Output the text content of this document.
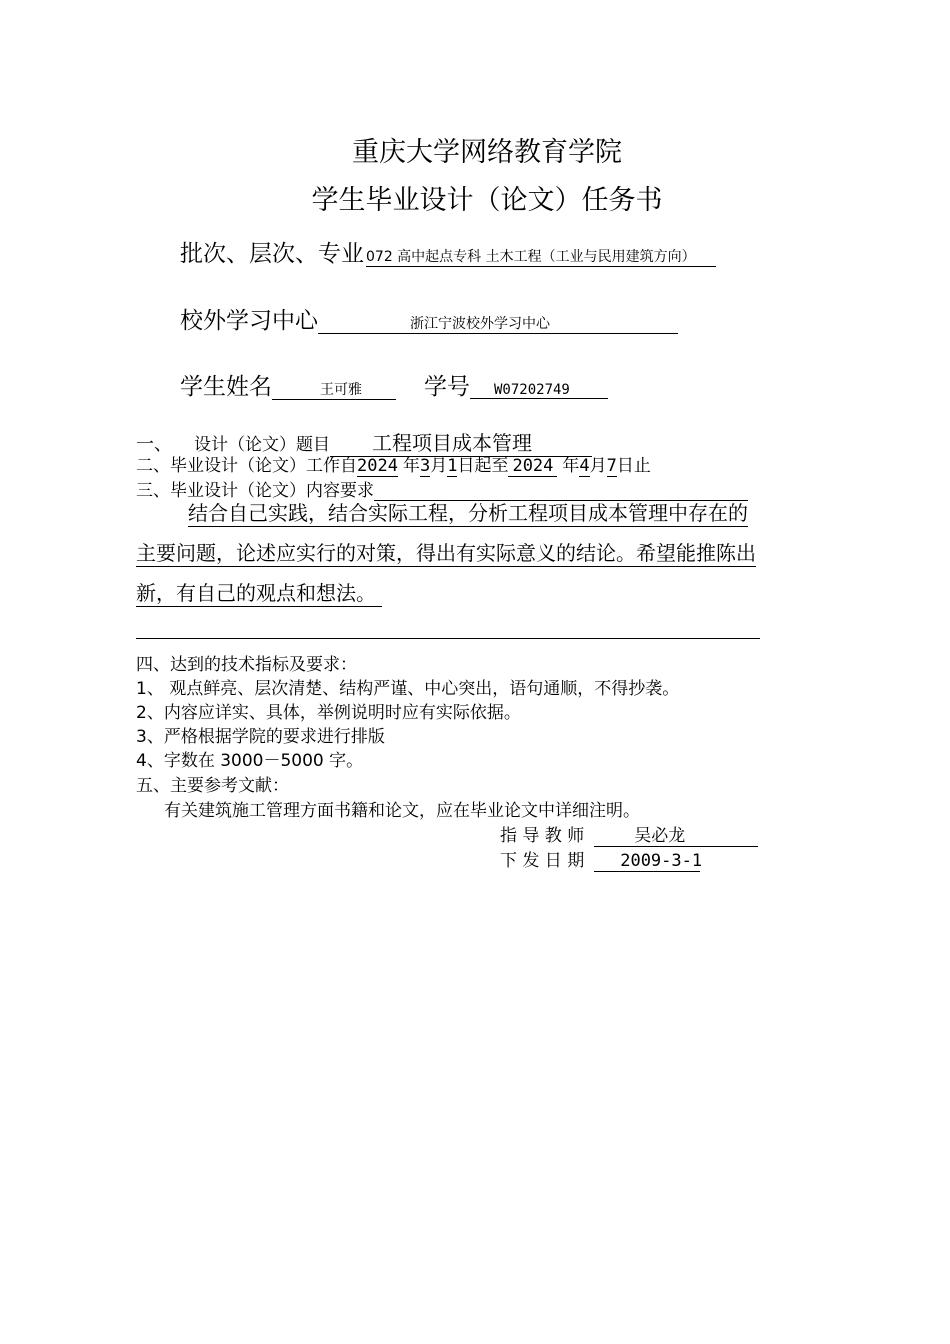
重庆大学网络教育学院
学生毕业设计（论文）任务书
批次、层次、专业 072 高中起点专科 土木工程（工业与民用建筑方向）
校外学习中心	浙江宁波校外学习中心
学生姓名	王可雅	学号 W07202749
一、 设计（论文）题目 工程项目成本管理
二、毕业设计（论文）工作自2024 年3月1日起至 2024 年4月7日止
三、毕业设计（论文）内容要求
结合自己实践，结合实际工程，分析工程项目成本管理中存在的
主要问题，论述应实行的对策，得出有实际意义的结论。希望能推陈出
新，有自己的观点和想法。
四、达到的技术指标及要求：
1、 观点鲜亮、层次清楚、结构严谨、中心突出，语句通顺，不得抄袭。
2、内容应详实、具体，举例说明时应有实际依据。
3、严格根据学院的要求进行排版
4、字数在 3000－5000 字。
五、主要参考文献：
有关建筑施工管理方面书籍和论文，应在毕业论文中详细注明。
指 导 教 师	吴必龙
下 发 日 期 2009-3-1
